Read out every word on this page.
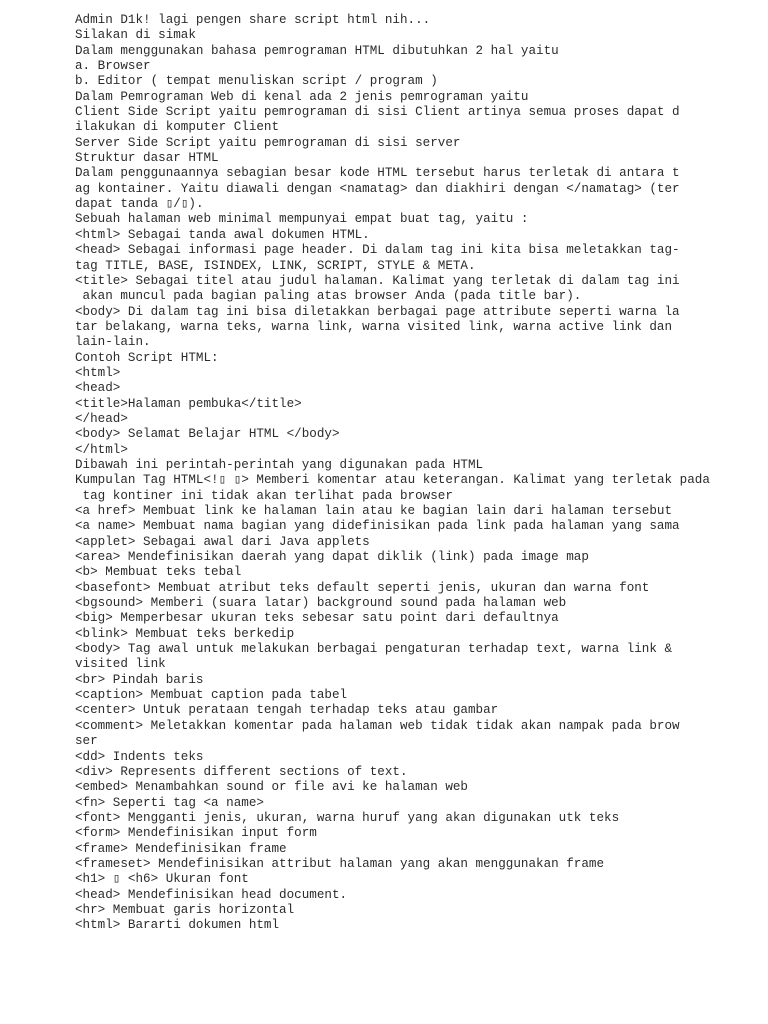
Admin D1k! lagi pengen share script html nih...
Silakan di simak
Dalam menggunakan bahasa pemrograman HTML dibutuhkan 2 hal yaitu
a. Browser
b. Editor ( tempat menuliskan script / program )
Dalam Pemrograman Web di kenal ada 2 jenis pemrograman yaitu
Client Side Script yaitu pemrograman di sisi Client artinya semua proses dapat d
ilakukan di komputer Client
Server Side Script yaitu pemrograman di sisi server
Struktur dasar HTML
Dalam penggunaannya sebagian besar kode HTML tersebut harus terletak di antara t
ag kontainer. Yaitu diawali dengan <namatag> dan diakhiri dengan </namatag> (ter
dapat tanda ▯/▯).
Sebuah halaman web minimal mempunyai empat buat tag, yaitu :
<html> Sebagai tanda awal dokumen HTML.
<head> Sebagai informasi page header. Di dalam tag ini kita bisa meletakkan tag-
tag TITLE, BASE, ISINDEX, LINK, SCRIPT, STYLE & META.
<title> Sebagai titel atau judul halaman. Kalimat yang terletak di dalam tag ini
akan muncul pada bagian paling atas browser Anda (pada title bar).
<body> Di dalam tag ini bisa diletakkan berbagai page attribute seperti warna la
tar belakang, warna teks, warna link, warna visited link, warna active link dan
lain-lain.
Contoh Script HTML:
<html>
<head>
<title>Halaman pembuka</title>
</head>
<body> Selamat Belajar HTML </body>
</html>
Dibawah ini perintah-perintah yang digunakan pada HTML
Kumpulan Tag HTML<!▯ ▯> Memberi komentar atau keterangan. Kalimat yang terletak pada
tag kontiner ini tidak akan terlihat pada browser
<a href> Membuat link ke halaman lain atau ke bagian lain dari halaman tersebut
<a name> Membuat nama bagian yang didefinisikan pada link pada halaman yang sama
<applet> Sebagai awal dari Java applets
<area> Mendefinisikan daerah yang dapat diklik (link) pada image map
<b> Membuat teks tebal
<basefont> Membuat atribut teks default seperti jenis, ukuran dan warna font
<bgsound> Memberi (suara latar) background sound pada halaman web
<big> Memperbesar ukuran teks sebesar satu point dari defaultnya
<blink> Membuat teks berkedip
<body> Tag awal untuk melakukan berbagai pengaturan terhadap text, warna link &
visited link
<br> Pindah baris
<caption> Membuat caption pada tabel
<center> Untuk perataan tengah terhadap teks atau gambar
<comment> Meletakkan komentar pada halaman web tidak tidak akan nampak pada brow
ser
<dd> Indents teks
<div> Represents different sections of text.
<embed> Menambahkan sound or file avi ke halaman web
<fn> Seperti tag <a name>
<font> Mengganti jenis, ukuran, warna huruf yang akan digunakan utk teks
<form> Mendefinisikan input form
<frame> Mendefinisikan frame
<frameset> Mendefinisikan attribut halaman yang akan menggunakan frame
<h1> ▯ <h6> Ukuran font
<head> Mendefinisikan head document.
<hr> Membuat garis horizontal
<html> Bararti dokumen html
